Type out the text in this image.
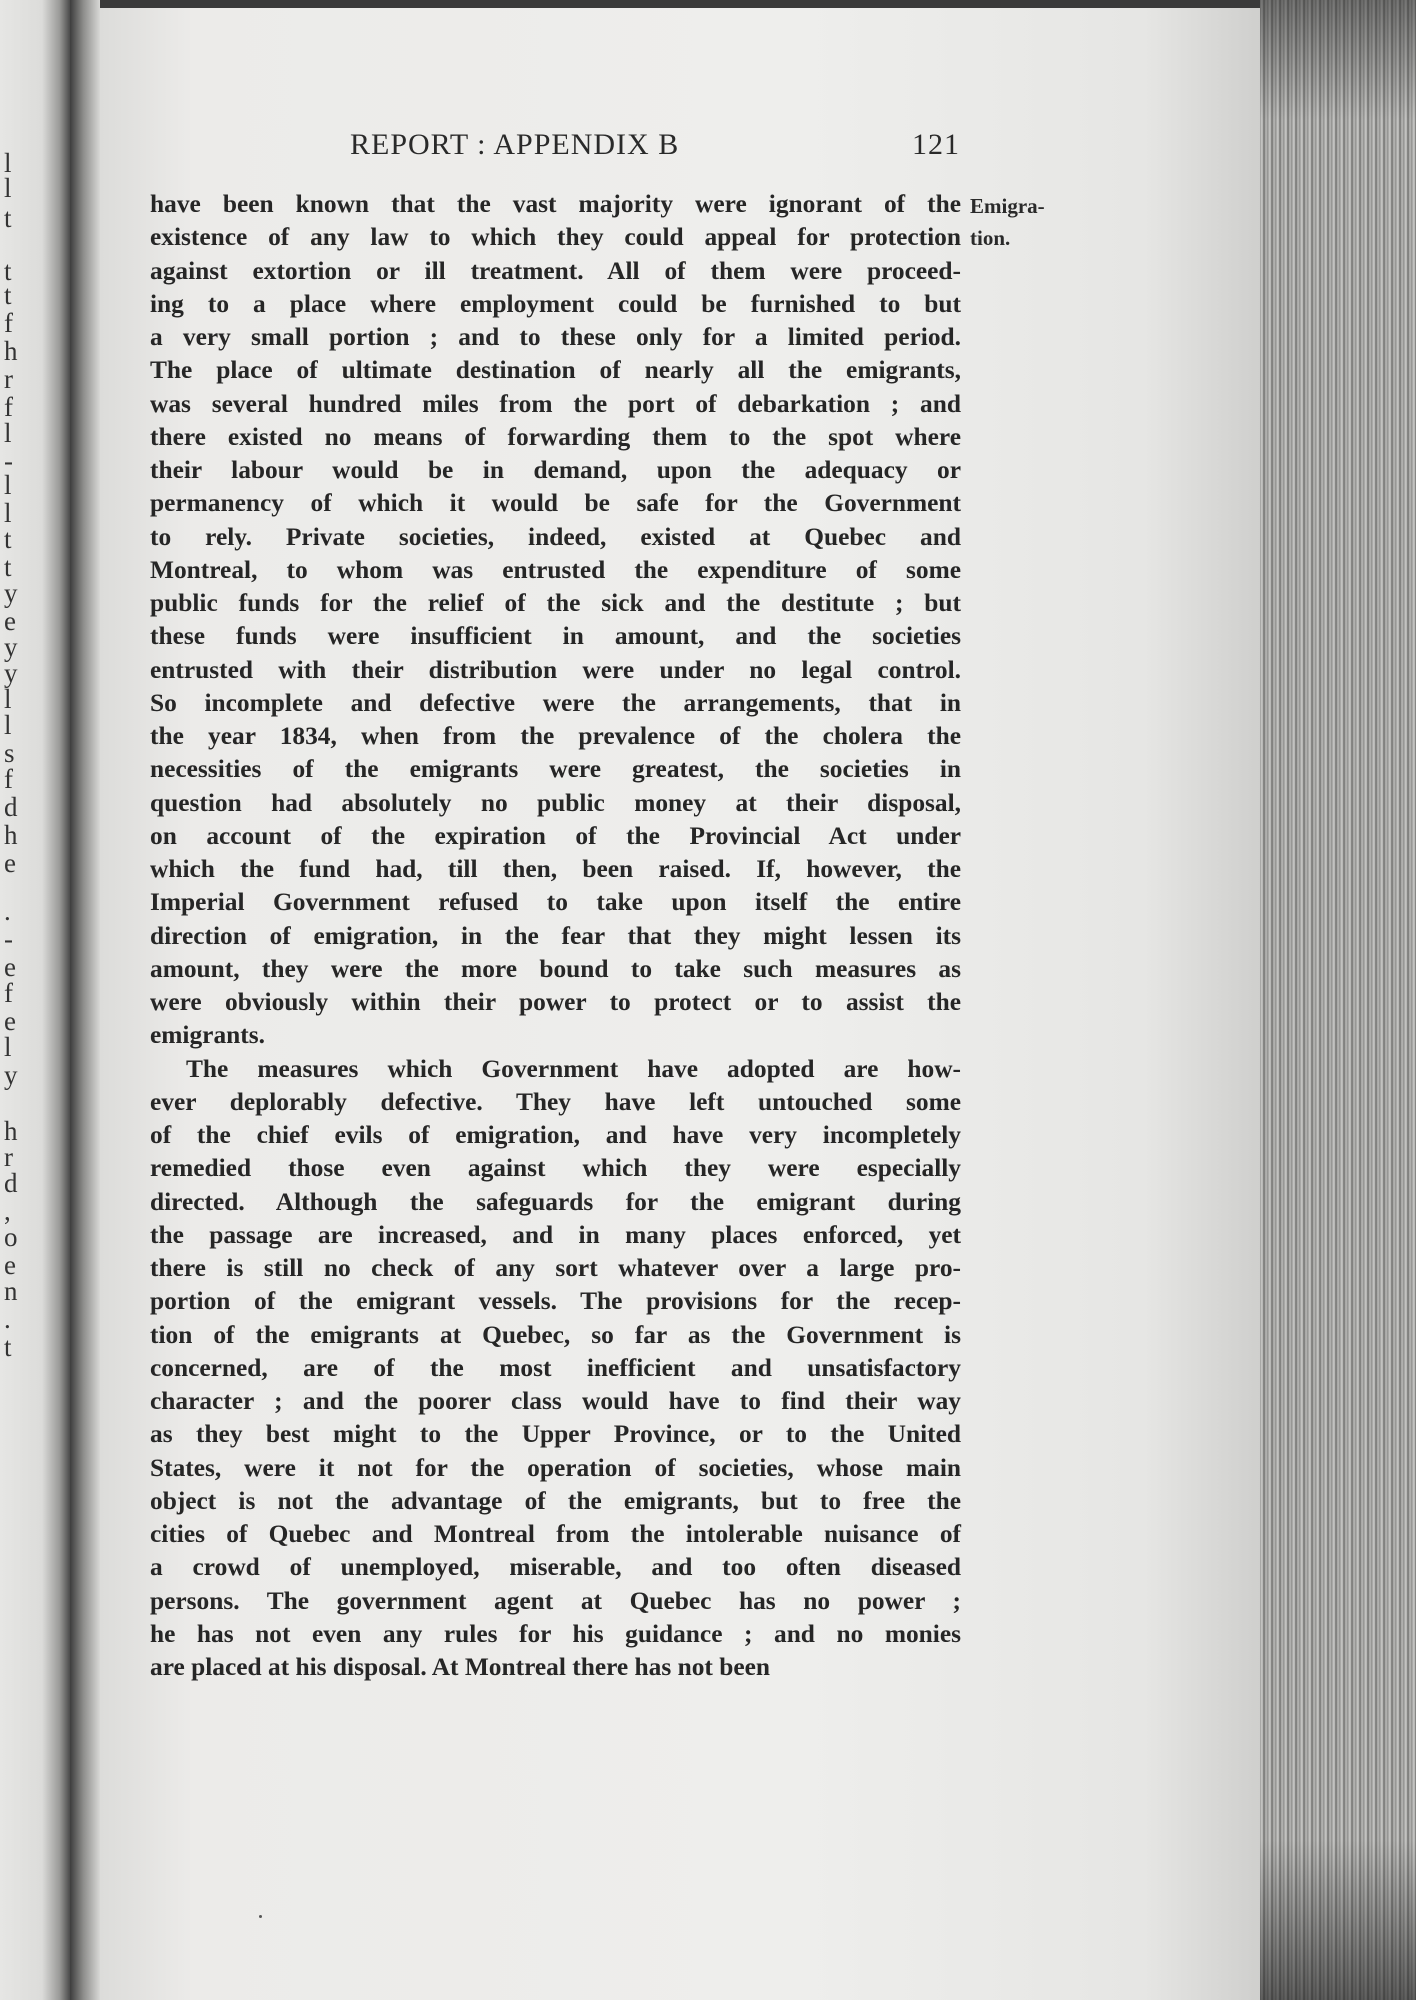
l
l
t
t
t
f
h
r
f
l
-
l
l
t
t
y
e
y
y
l
l
s
f
d
h
e
.
-
e
f
e
l
y
h
r
d
,
o
e
n
.
t
REPORT : APPENDIX B	121
Emigra-
tion.
have been known that the vast majority were ignorant of the
existence of any law to which they could appeal for protection
against extortion or ill treatment. All of them were proceed-
ing to a place where employment could be furnished to but
a very small portion ; and to these only for a limited period.
The place of ultimate destination of nearly all the emigrants,
was several hundred miles from the port of debarkation ; and
there existed no means of forwarding them to the spot where
their labour would be in demand, upon the adequacy or
permanency of which it would be safe for the Government
to rely. Private societies, indeed, existed at Quebec and
Montreal, to whom was entrusted the expenditure of some
public funds for the relief of the sick and the destitute ; but
these funds were insufficient in amount, and the societies
entrusted with their distribution were under no legal control.
So incomplete and defective were the arrangements, that in
the year 1834, when from the prevalence of the cholera the
necessities of the emigrants were greatest, the societies in
question had absolutely no public money at their disposal,
on account of the expiration of the Provincial Act under
which the fund had, till then, been raised. If, however, the
Imperial Government refused to take upon itself the entire
direction of emigration, in the fear that they might lessen its
amount, they were the more bound to take such measures as
were obviously within their power to protect or to assist the
emigrants.
The measures which Government have adopted are how-
ever deplorably defective. They have left untouched some
of the chief evils of emigration, and have very incompletely
remedied those even against which they were especially
directed. Although the safeguards for the emigrant during
the passage are increased, and in many places enforced, yet
there is still no check of any sort whatever over a large pro-
portion of the emigrant vessels. The provisions for the recep-
tion of the emigrants at Quebec, so far as the Government is
concerned, are of the most inefficient and unsatisfactory
character ; and the poorer class would have to find their way
as they best might to the Upper Province, or to the United
States, were it not for the operation of societies, whose main
object is not the advantage of the emigrants, but to free the
cities of Quebec and Montreal from the intolerable nuisance of
a crowd of unemployed, miserable, and too often diseased
persons. The government agent at Quebec has no power ;
he has not even any rules for his guidance ; and no monies
are placed at his disposal. At Montreal there has not been
